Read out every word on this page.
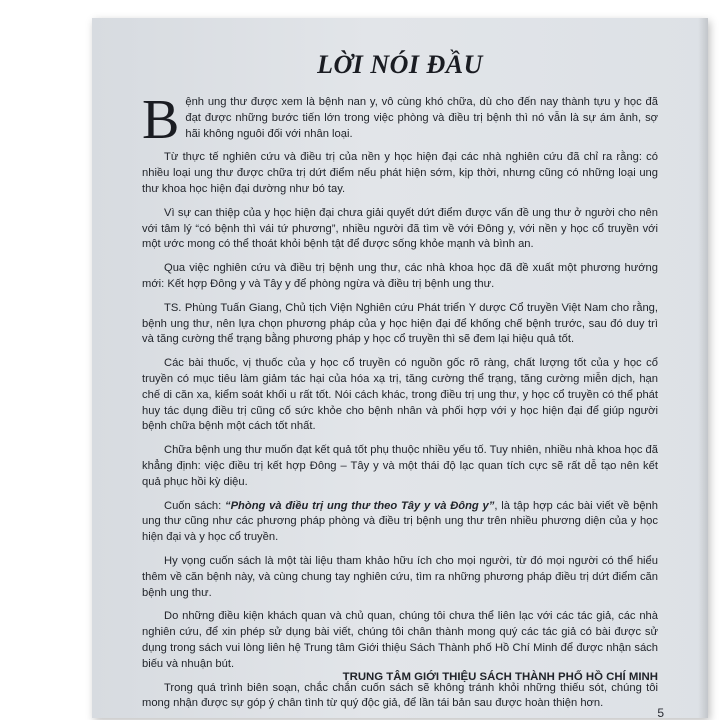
LỜI NÓI ĐẦU

Bệnh ung thư được xem là bệnh nan y, vô cùng khó chữa, dù cho đến nay thành tựu y học đã đạt được những bước tiến lớn trong việc phòng và điều trị bệnh thì nó vẫn là sự ám ảnh, sợ hãi không nguôi đối với nhân loại.

Từ thực tế nghiên cứu và điều trị của nền y học hiện đại các nhà nghiên cứu đã chỉ ra rằng: có nhiều loại ung thư được chữa trị dứt điểm nếu phát hiện sớm, kịp thời, nhưng cũng có những loại ung thư khoa học hiện đại dường như bó tay.

Vì sự can thiệp của y học hiện đại chưa giải quyết dứt điểm được vấn đề ung thư ở người cho nên với tâm lý “có bệnh thì vái tứ phương”, nhiều người đã tìm về với Đông y, với nền y học cổ truyền với một ước mong có thể thoát khỏi bệnh tật để được sống khỏe mạnh và bình an.

Qua việc nghiên cứu và điều trị bệnh ung thư, các nhà khoa học đã đề xuất một phương hướng mới: Kết hợp Đông y và Tây y để phòng ngừa và điều trị bệnh ung thư.

TS. Phùng Tuấn Giang, Chủ tịch Viện Nghiên cứu Phát triển Y dược Cổ truyền Việt Nam cho rằng, bệnh ung thư, nên lựa chọn phương pháp của y học hiện đại để khống chế bệnh trước, sau đó duy trì và tăng cường thể trạng bằng phương pháp y học cổ truyền thì sẽ đem lại hiệu quả tốt.

Các bài thuốc, vị thuốc của y học cổ truyền có nguồn gốc rõ ràng, chất lượng tốt của y học cổ truyền có mục tiêu làm giảm tác hại của hóa xạ trị, tăng cường thể trạng, tăng cường miễn dịch, hạn chế di căn xa, kiểm soát khối u rất tốt. Nói cách khác, trong điều trị ung thư, y học cổ truyền có thể phát huy tác dụng điều trị cũng cố sức khỏe cho bệnh nhân và phối hợp với y học hiện đại để giúp người bệnh chữa bệnh một cách tốt nhất.

Chữa bệnh ung thư muốn đạt kết quả tốt phụ thuộc nhiều yếu tố. Tuy nhiên, nhiều nhà khoa học đã khẳng định: việc điều trị kết hợp Đông – Tây y và một thái độ lạc quan tích cực sẽ rất dễ tạo nên kết quả phục hồi kỳ diệu.

Cuốn sách: “Phòng và điều trị ung thư theo Tây y và Đông y”, là tập hợp các bài viết về bệnh ung thư cũng như các phương pháp phòng và điều trị bệnh ung thư trên nhiều phương diện của y học hiện đại và y học cổ truyền.

Hy vọng cuốn sách là một tài liệu tham khảo hữu ích cho mọi người, từ đó mọi người có thể hiểu thêm về căn bệnh này, và cùng chung tay nghiên cứu, tìm ra những phương pháp điều trị dứt điểm căn bệnh ung thư.

Do những điều kiện khách quan và chủ quan, chúng tôi chưa thể liên lạc với các tác giả, các nhà nghiên cứu, để xin phép sử dụng bài viết, chúng tôi chân thành mong quý các tác giả có bài được sử dụng trong sách vui lòng liên hệ Trung tâm Giới thiệu Sách Thành phố Hồ Chí Minh để được nhận sách biếu và nhuận bút.

Trong quá trình biên soạn, chắc chắn cuốn sách sẽ không tránh khỏi những thiếu sót, chúng tôi mong nhận được sự góp ý chân tình từ quý độc giả, để lần tái bản sau được hoàn thiện hơn.

TRUNG TÂM GIỚI THIỆU SÁCH THÀNH PHỐ HỒ CHÍ MINH

5
